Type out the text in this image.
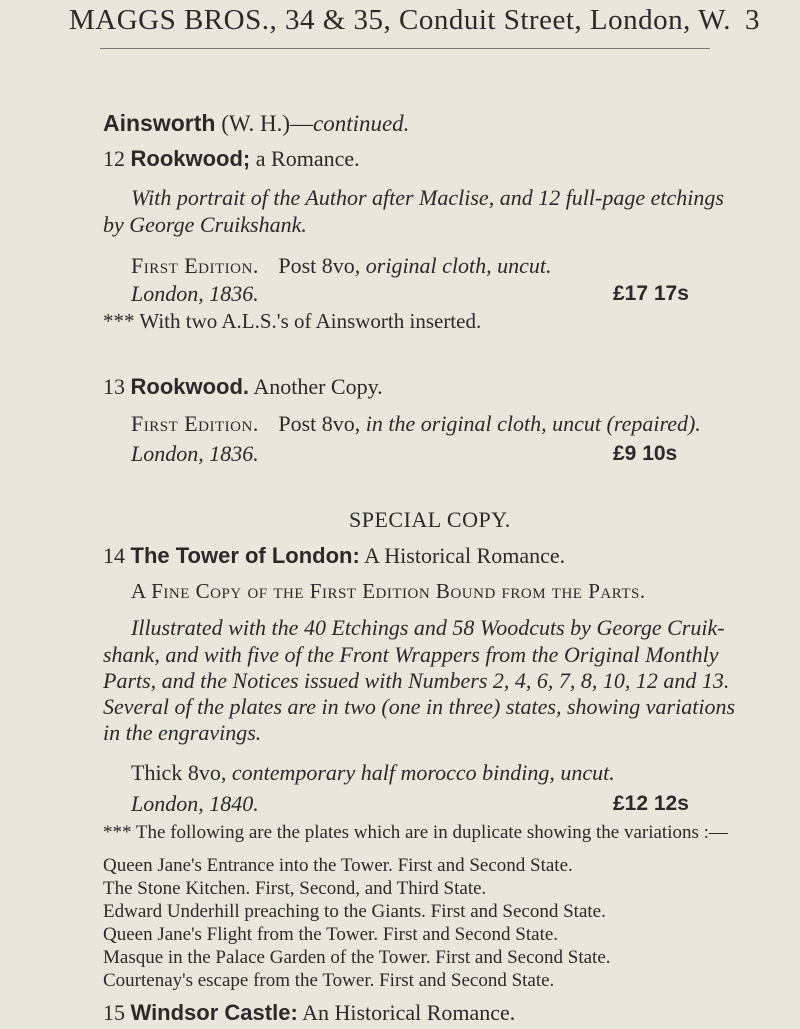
MAGGS BROS., 34 & 35, Conduit Street, London, W. 3
Ainsworth (W. H.)—continued.
12 Rookwood; a Romance.
With portrait of the Author after Maclise, and 12 full-page etchings
by George Cruikshank.
First Edition. Post 8vo, original cloth, uncut.
London, 1836.	£17 17s
*** With two A.L.S.'s of Ainsworth inserted.
13 Rookwood. Another Copy.
First Edition. Post 8vo, in the original cloth, uncut (repaired).
London, 1836.	£9 10s
SPECIAL COPY.
14 The Tower of London: A Historical Romance.
A Fine Copy of the First Edition Bound from the Parts.
Illustrated with the 40 Etchings and 58 Woodcuts by George Cruik-
shank, and with five of the Front Wrappers from the Original Monthly
Parts, and the Notices issued with Numbers 2, 4, 6, 7, 8, 10, 12 and 13.
Several of the plates are in two (one in three) states, showing variations
in the engravings.
Thick 8vo, contemporary half morocco binding, uncut.
London, 1840.	£12 12s
*** The following are the plates which are in duplicate showing the variations :—
Queen Jane's Entrance into the Tower. First and Second State.
The Stone Kitchen. First, Second, and Third State.
Edward Underhill preaching to the Giants. First and Second State.
Queen Jane's Flight from the Tower. First and Second State.
Masque in the Palace Garden of the Tower. First and Second State.
Courtenay's escape from the Tower. First and Second State.
15 Windsor Castle: An Historical Romance.
